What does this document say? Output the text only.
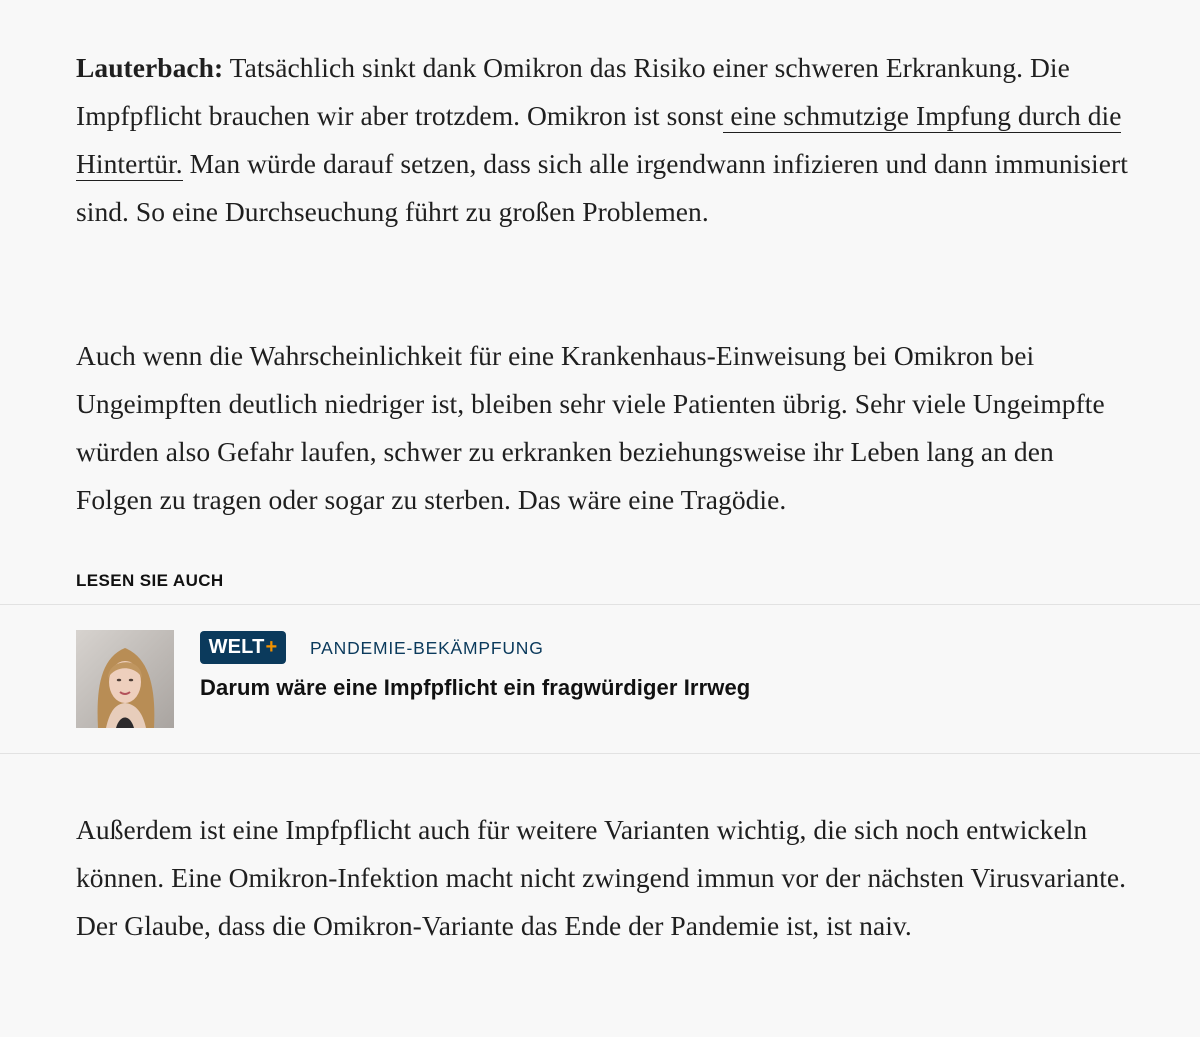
Lauterbach: Tatsächlich sinkt dank Omikron das Risiko einer schweren Erkrankung. Die Impfpflicht brauchen wir aber trotzdem. Omikron ist sonst eine schmutzige Impfung durch die Hintertür. Man würde darauf setzen, dass sich alle irgendwann infizieren und dann immunisiert sind. So eine Durchseuchung führt zu großen Problemen.

Auch wenn die Wahrscheinlichkeit für eine Krankenhaus-Einweisung bei Omikron bei Ungeimpften deutlich niedriger ist, bleiben sehr viele Patienten übrig. Sehr viele Ungeimpfte würden also Gefahr laufen, schwer zu erkranken beziehungsweise ihr Leben lang an den Folgen zu tragen oder sogar zu sterben. Das wäre eine Tragödie.

LESEN SIE AUCH
WELT + PANDEMIE-BEKÄMPFUNG
Darum wäre eine Impfpflicht ein fragwürdiger Irrweg

Außerdem ist eine Impfpflicht auch für weitere Varianten wichtig, die sich noch entwickeln können. Eine Omikron-Infektion macht nicht zwingend immun vor der nächsten Virusvariante. Der Glaube, dass die Omikron-Variante das Ende der Pandemie ist, ist naiv.
